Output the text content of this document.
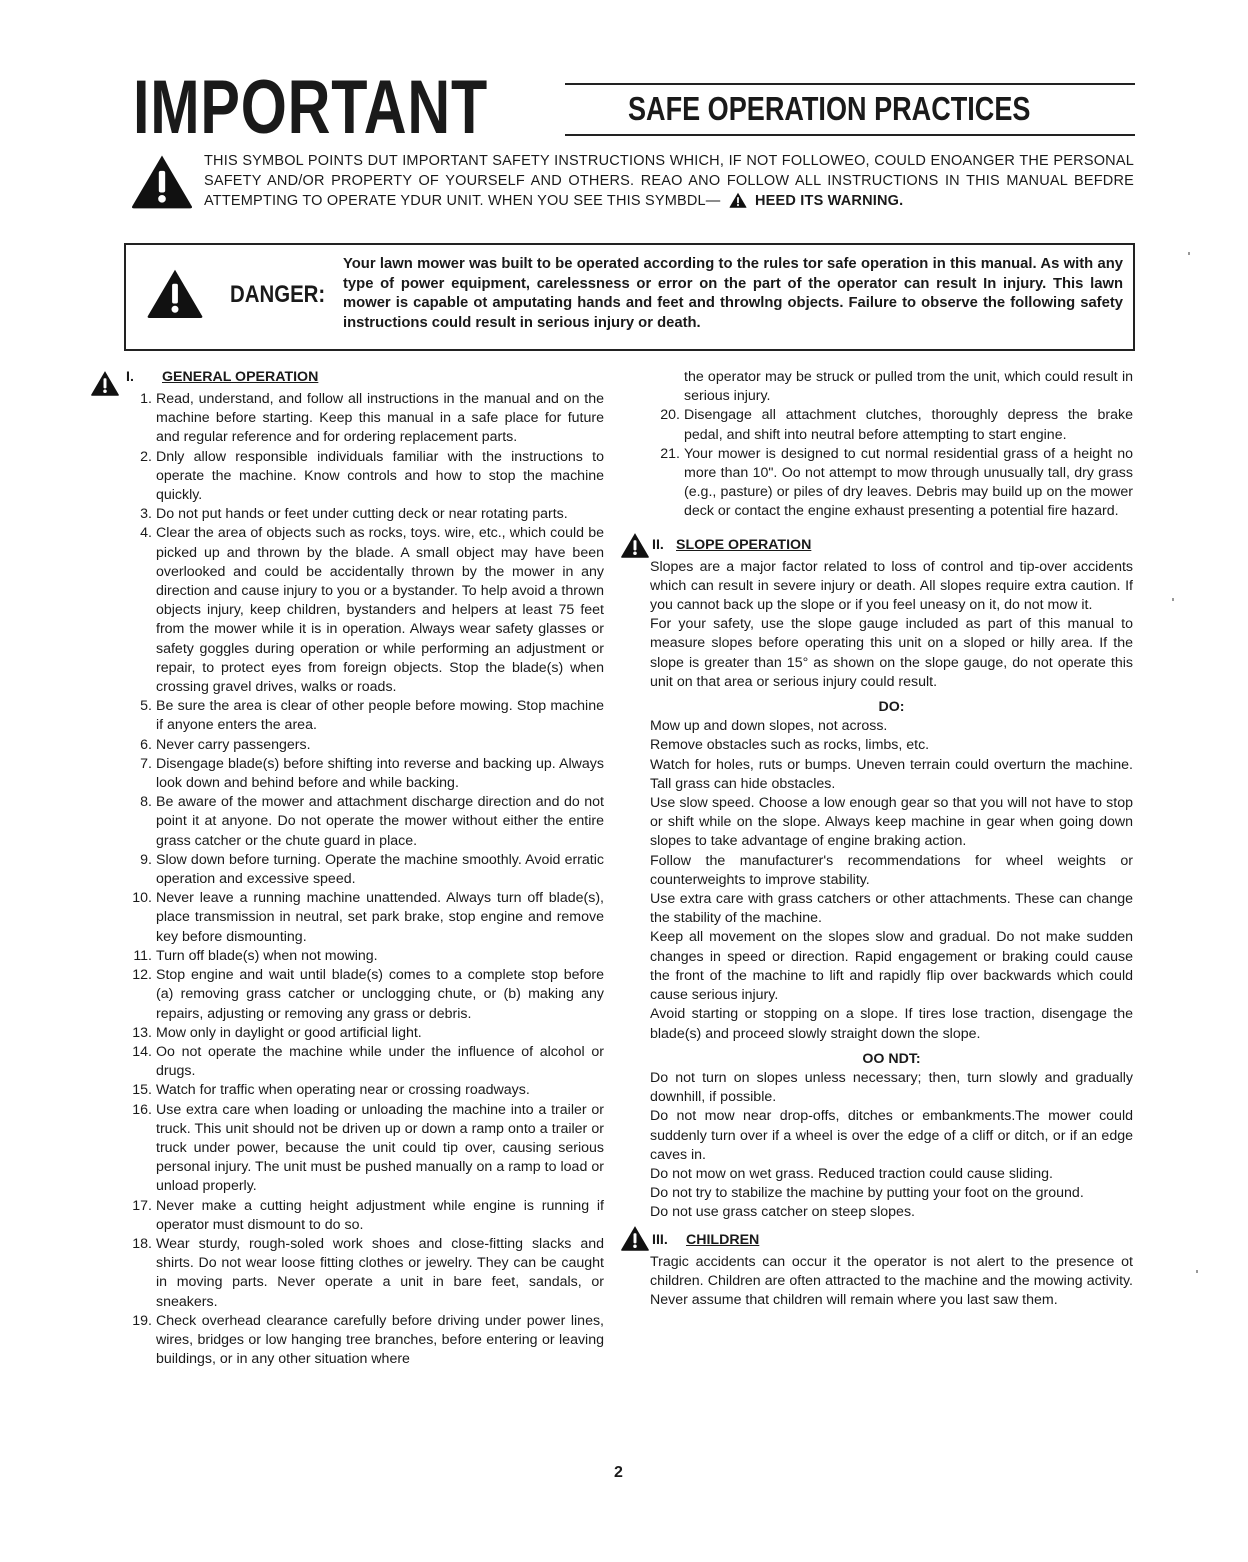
IMPORTANT	SAFE OPERATION PRACTICES
THIS SYMBOL POINTS DUT IMPORTANT SAFETY INSTRUCTIONS WHICH, IF NOT FOLLOWEO, COULD ENOANGER THE PERSONAL SAFETY AND/OR PROPERTY OF YOURSELF AND OTHERS. REAO ANO FOLLOW ALL INSTRUCTIONS IN THIS MANUAL BEFDRE ATTEMPTING TO OPERATE YDUR UNIT. WHEN YOU SEE THIS SYMBDL— HEED ITS WARNING.
DANGER:
Your lawn mower was built to be operated according to the rules tor safe operation in this manual. As with any type of power equipment, carelessness or error on the part of the operator can result In injury. This lawn mower is capable ot amputating hands and feet and throwlng objects. Failure to observe the following safety instructions could result in serious injury or death.
I. GENERAL OPERATION
1. Read, understand, and follow all instructions in the manual and on the machine before starting. Keep this manual in a safe place for future and regular reference and for ordering replacement parts.
2. Dnly allow responsible individuals familiar with the instructions to operate the machine. Know controls and how to stop the machine quickly.
3. Do not put hands or feet under cutting deck or near rotating parts.
4. Clear the area of objects such as rocks, toys. wire, etc., which could be picked up and thrown by the blade. A small object may have been overlooked and could be accidentally thrown by the mower in any direction and cause injury to you or a bystander. To help avoid a thrown objects injury, keep children, bystanders and helpers at least 75 feet from the mower while it is in operation. Always wear safety glasses or safety goggles during operation or while performing an adjustment or repair, to protect eyes from foreign objects. Stop the blade(s) when crossing gravel drives, walks or roads.
5. Be sure the area is clear of other people before mowing. Stop machine if anyone enters the area.
6. Never carry passengers.
7. Disengage blade(s) before shifting into reverse and backing up. Always look down and behind before and while backing.
8. Be aware of the mower and attachment discharge direction and do not point it at anyone. Do not operate the mower without either the entire grass catcher or the chute guard in place.
9. Slow down before turning. Operate the machine smoothly. Avoid erratic operation and excessive speed.
10. Never leave a running machine unattended. Always turn off blade(s), place transmission in neutral, set park brake, stop engine and remove key before dismounting.
11. Turn off blade(s) when not mowing.
12. Stop engine and wait until blade(s) comes to a complete stop before (a) removing grass catcher or unclogging chute, or (b) making any repairs, adjusting or removing any grass or debris.
13. Mow only in daylight or good artificial light.
14. Oo not operate the machine while under the influence of alcohol or drugs.
15. Watch for traffic when operating near or crossing roadways.
16. Use extra care when loading or unloading the machine into a trailer or truck. This unit should not be driven up or down a ramp onto a trailer or truck under power, because the unit could tip over, causing serious personal injury. The unit must be pushed manually on a ramp to load or unload properly.
17. Never make a cutting height adjustment while engine is running if operator must dismount to do so.
18. Wear sturdy, rough-soled work shoes and close-fitting slacks and shirts. Do not wear loose fitting clothes or jewelry. They can be caught in moving parts. Never operate a unit in bare feet, sandals, or sneakers.
19. Check overhead clearance carefully before driving under power lines, wires, bridges or low hanging tree branches, before entering or leaving buildings, or in any other situation where
the operator may be struck or pulled trom the unit, which could result in serious injury.
20. Disengage all attachment clutches, thoroughly depress the brake pedal, and shift into neutral before attempting to start engine.
21. Your mower is designed to cut normal residential grass of a height no more than 10". Oo not attempt to mow through unusually tall, dry grass (e.g., pasture) or piles of dry leaves. Debris may build up on the mower deck or contact the engine exhaust presenting a potential fire hazard.
II. SLOPE OPERATION
Slopes are a major factor related to loss of control and tip-over accidents which can result in severe injury or death. All slopes require extra caution. If you cannot back up the slope or if you feel uneasy on it, do not mow it.
For your safety, use the slope gauge included as part of this manual to measure slopes before operating this unit on a sloped or hilly area. If the slope is greater than 15° as shown on the slope gauge, do not operate this unit on that area or serious injury could result.
DO:
Mow up and down slopes, not across.
Remove obstacles such as rocks, limbs, etc.
Watch for holes, ruts or bumps. Uneven terrain could overturn the machine. Tall grass can hide obstacles.
Use slow speed. Choose a low enough gear so that you will not have to stop or shift while on the slope. Always keep machine in gear when going down slopes to take advantage of engine braking action.
Follow the manufacturer's recommendations for wheel weights or counterweights to improve stability.
Use extra care with grass catchers or other attachments. These can change the stability of the machine.
Keep all movement on the slopes slow and gradual. Do not make sudden changes in speed or direction. Rapid engagement or braking could cause the front of the machine to lift and rapidly flip over backwards which could cause serious injury.
Avoid starting or stopping on a slope. If tires lose traction, disengage the blade(s) and proceed slowly straight down the slope.
OO NDT:
Do not turn on slopes unless necessary; then, turn slowly and gradually downhill, if possible.
Do not mow near drop-offs, ditches or embankments.The mower could suddenly turn over if a wheel is over the edge of a cliff or ditch, or if an edge caves in.
Do not mow on wet grass. Reduced traction could cause sliding.
Do not try to stabilize the machine by putting your foot on the ground.
Do not use grass catcher on steep slopes.
III. CHILDREN
Tragic accidents can occur it the operator is not alert to the presence ot children. Children are often attracted to the machine and the mowing activity. Never assume that children will remain where you last saw them.
2
